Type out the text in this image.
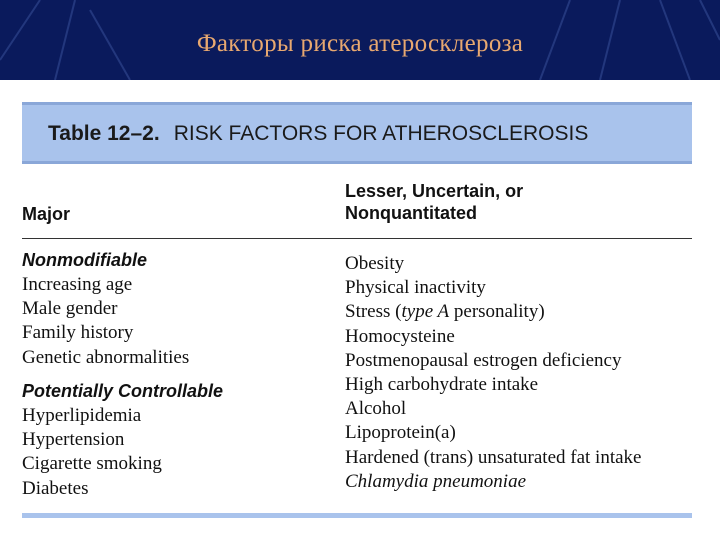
Факторы риска атеросклероза
Table 12–2. RISK FACTORS FOR ATHEROSCLEROSIS
Major
Lesser, Uncertain, or
Nonquantitated
Nonmodifiable
Increasing age
Male gender
Family history
Genetic abnormalities
Potentially Controllable
Hyperlipidemia
Hypertension
Cigarette smoking
Diabetes
Obesity
Physical inactivity
Stress (type A personality)
Homocysteine
Postmenopausal estrogen deficiency
High carbohydrate intake
Alcohol
Lipoprotein(a)
Hardened (trans) unsaturated fat intake
Chlamydia pneumoniae
